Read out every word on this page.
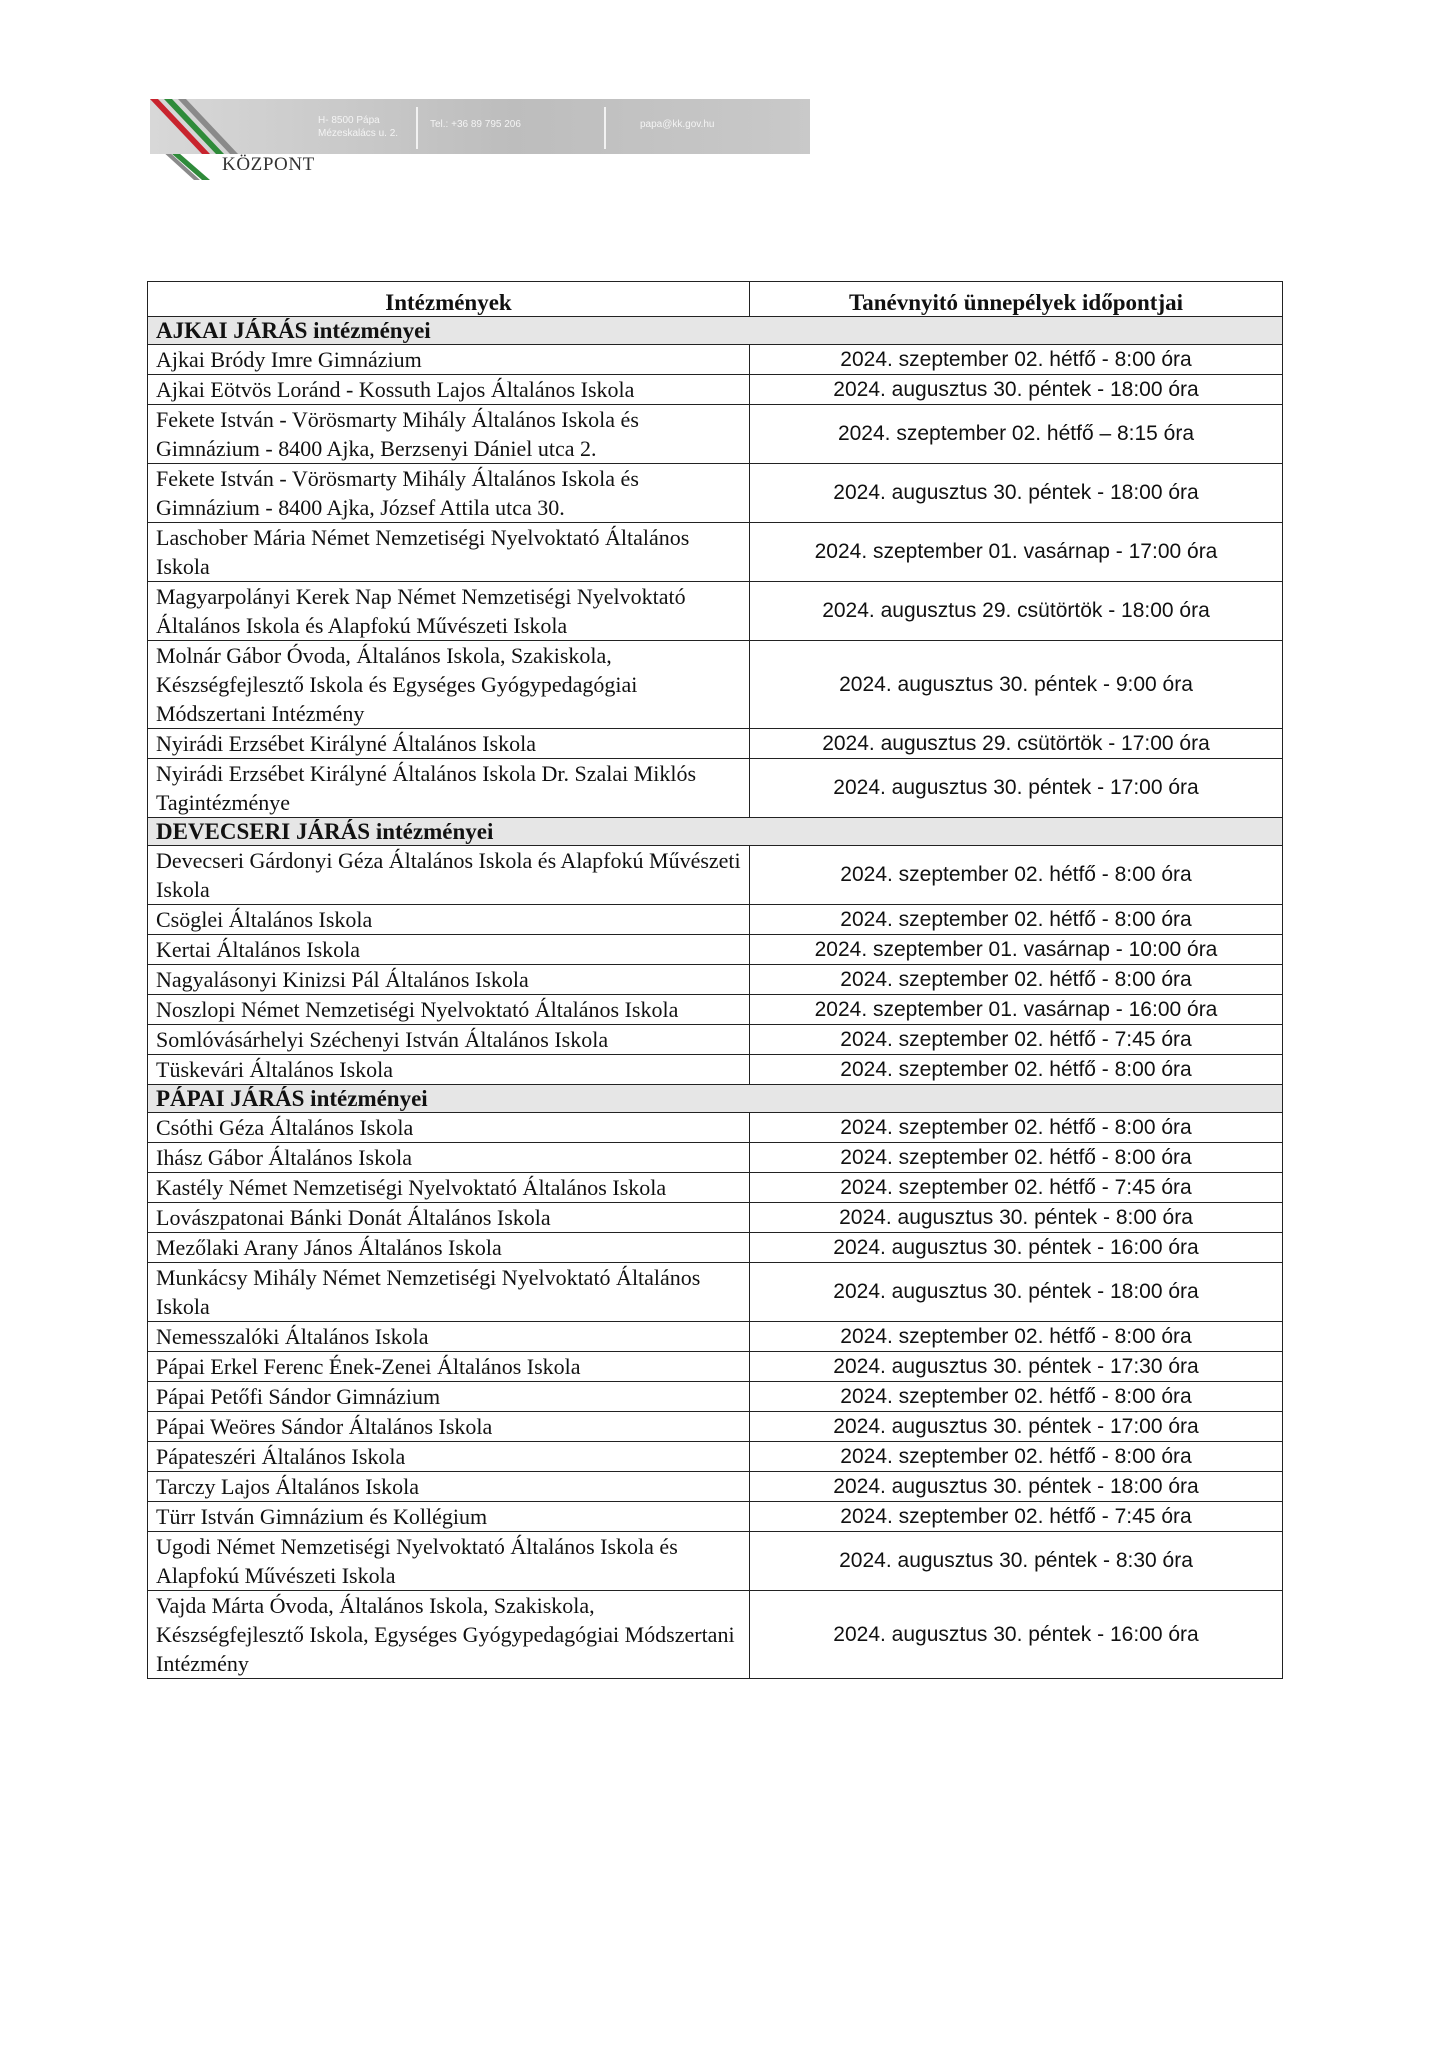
KÖZPONT
H- 8500 Pápa
Mézeskalács u. 2.
Tel.: +36 89 795 206	papa@kk.gov.hu
Intézmények	Tanévnyitó ünnepélyek időpontjai
AJKAI JÁRÁS intézményei	
Ajkai Bródy Imre Gimnázium	2024. szeptember 02. hétfő - 8:00 óra
Ajkai Eötvös Loránd - Kossuth Lajos Általános Iskola	2024. augusztus 30. péntek - 18:00 óra
Fekete István - Vörösmarty Mihály Általános Iskola és Gimnázium - 8400 Ajka, Berzsenyi Dániel utca 2.	2024. szeptember 02. hétfő – 8:15 óra
Fekete István - Vörösmarty Mihály Általános Iskola és Gimnázium - 8400 Ajka, József Attila utca 30.	2024. augusztus 30. péntek - 18:00 óra
Laschober Mária Német Nemzetiségi Nyelvoktató Általános Iskola	2024. szeptember 01. vasárnap - 17:00 óra
Magyarpolányi Kerek Nap Német Nemzetiségi Nyelvoktató Általános Iskola és Alapfokú Művészeti Iskola	2024. augusztus 29. csütörtök - 18:00 óra
Molnár Gábor Óvoda, Általános Iskola, Szakiskola, Készségfejlesztő Iskola és Egységes Gyógypedagógiai Módszertani Intézmény	2024. augusztus 30. péntek - 9:00 óra
Nyirádi Erzsébet Királyné Általános Iskola	2024. augusztus 29. csütörtök - 17:00 óra
Nyirádi Erzsébet Királyné Általános Iskola Dr. Szalai Miklós Tagintézménye	2024. augusztus 30. péntek - 17:00 óra
DEVECSERI JÁRÁS intézményei	
Devecseri Gárdonyi Géza Általános Iskola és Alapfokú Művészeti Iskola	2024. szeptember 02. hétfő - 8:00 óra
Csöglei Általános Iskola	2024. szeptember 02. hétfő - 8:00 óra
Kertai Általános Iskola	2024. szeptember 01. vasárnap - 10:00 óra
Nagyalásonyi Kinizsi Pál Általános Iskola	2024. szeptember 02. hétfő - 8:00 óra
Noszlopi Német Nemzetiségi Nyelvoktató Általános Iskola	2024. szeptember 01. vasárnap - 16:00 óra
Somlóvásárhelyi Széchenyi István Általános Iskola	2024. szeptember 02. hétfő - 7:45 óra
Tüskevári Általános Iskola	2024. szeptember 02. hétfő - 8:00 óra
PÁPAI JÁRÁS intézményei	
Csóthi Géza Általános Iskola	2024. szeptember 02. hétfő - 8:00 óra
Ihász Gábor Általános Iskola	2024. szeptember 02. hétfő - 8:00 óra
Kastély Német Nemzetiségi Nyelvoktató Általános Iskola	2024. szeptember 02. hétfő - 7:45 óra
Lovászpatonai Bánki Donát Általános Iskola	2024. augusztus 30. péntek - 8:00 óra
Mezőlaki Arany János Általános Iskola	2024. augusztus 30. péntek - 16:00 óra
Munkácsy Mihály Német Nemzetiségi Nyelvoktató Általános Iskola	2024. augusztus 30. péntek - 18:00 óra
Nemesszalóki Általános Iskola	2024. szeptember 02. hétfő - 8:00 óra
Pápai Erkel Ferenc Ének-Zenei Általános Iskola	2024. augusztus 30. péntek - 17:30 óra
Pápai Petőfi Sándor Gimnázium	2024. szeptember 02. hétfő - 8:00 óra
Pápai Weöres Sándor Általános Iskola	2024. augusztus 30. péntek - 17:00 óra
Pápateszéri Általános Iskola	2024. szeptember 02. hétfő - 8:00 óra
Tarczy Lajos Általános Iskola	2024. augusztus 30. péntek - 18:00 óra
Türr István Gimnázium és Kollégium	2024. szeptember 02. hétfő - 7:45 óra
Ugodi Német Nemzetiségi Nyelvoktató Általános Iskola és Alapfokú Művészeti Iskola	2024. augusztus 30. péntek - 8:30 óra
Vajda Márta Óvoda, Általános Iskola, Szakiskola, Készségfejlesztő Iskola, Egységes Gyógypedagógiai Módszertani Intézmény	2024. augusztus 30. péntek - 16:00 óra
